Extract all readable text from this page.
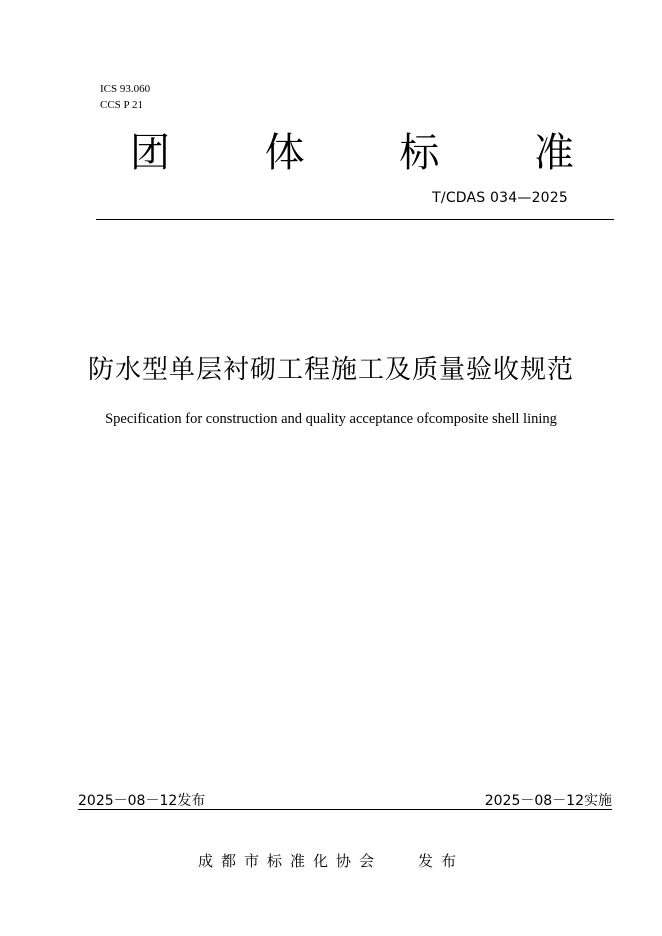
ICS 93.060
CCS P 21
团 体 标 准
T/CDAS 034—2025
防水型单层衬砌工程施工及质量验收规范
Specification for construction and quality acceptance ofcomposite shell lining
2025－08－12发布	2025－08－12实施
成都市标准化协会 发布
